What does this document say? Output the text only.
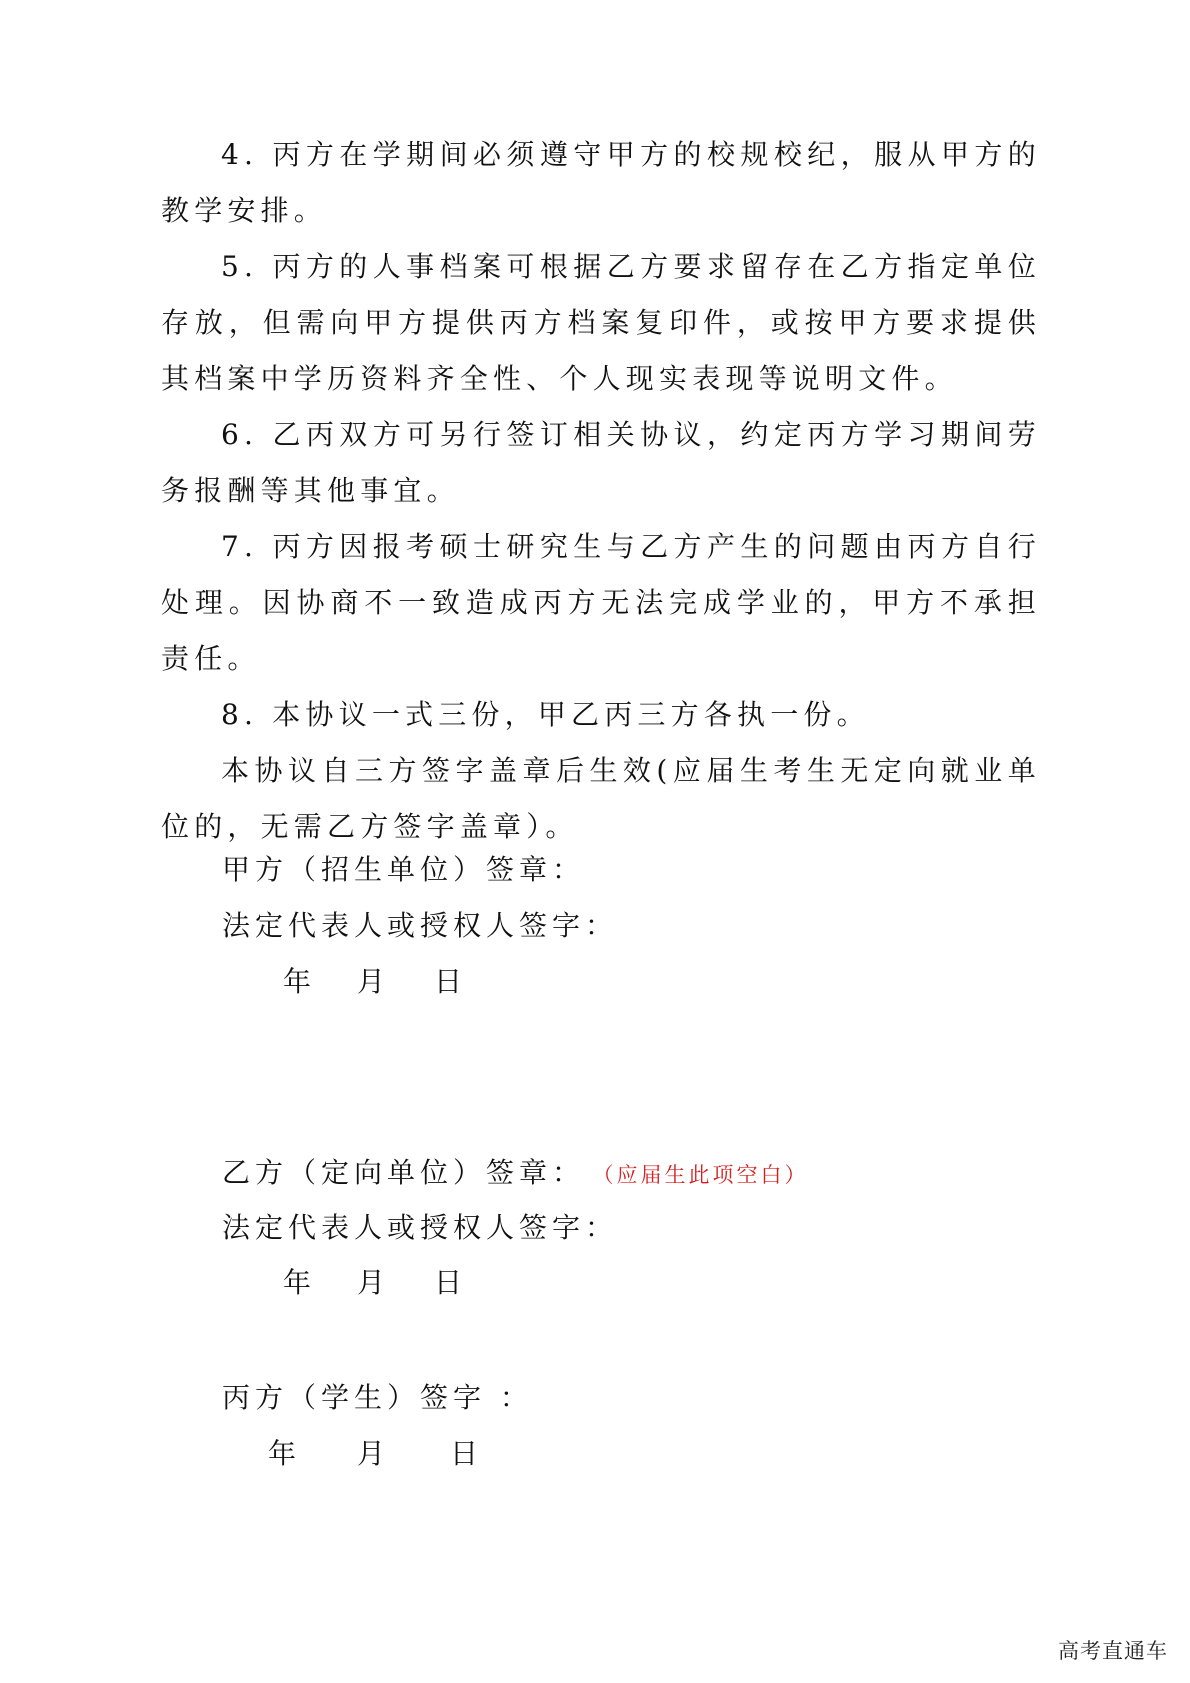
4. 丙方在学期间必须遵守甲方的校规校纪，服从甲方的教学安排。

5. 丙方的人事档案可根据乙方要求留存在乙方指定单位存放，但需向甲方提供丙方档案复印件，或按甲方要求提供其档案中学历资料齐全性、个人现实表现等说明文件。

6. 乙丙双方可另行签订相关协议，约定丙方学习期间劳务报酬等其他事宜。

7. 丙方因报考硕士研究生与乙方产生的问题由丙方自行处理。因协商不一致造成丙方无法完成学业的，甲方不承担责任。

8. 本协议一式三份，甲乙丙三方各执一份。

本协议自三方签字盖章后生效(应届生考生无定向就业单位的，无需乙方签字盖章）。

甲方（招生单位）签章：
法定代表人或授权人签字：
年 月 日
乙方（定向单位）签章： （应届生此项空白）
法定代表人或授权人签字：
年 月 日
丙方（学生）签字 ：
年 月 日
高考直通车
